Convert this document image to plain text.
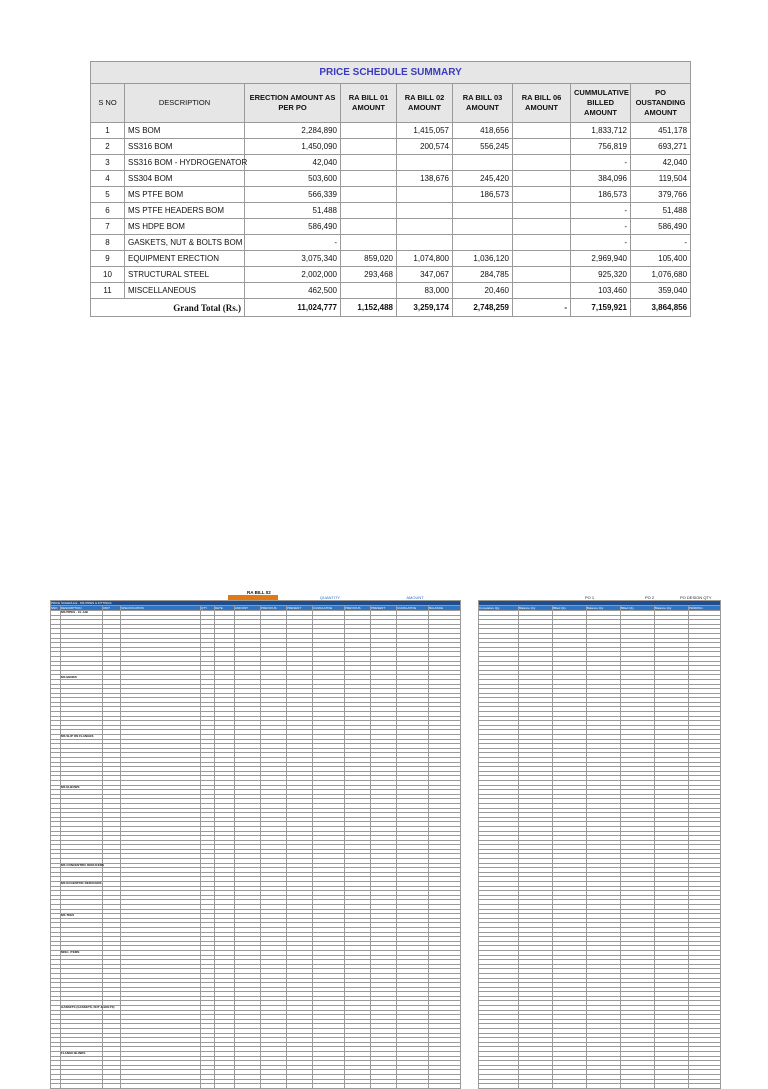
PRICE SCHEDULE SUMMARY								
S NO	DESCRIPTION	ERECTION AMOUNT AS PER PO	RA BILL 01 AMOUNT	RA BILL 02 AMOUNT	RA BILL 03 AMOUNT	RA BILL 06 AMOUNT	CUMMULATIVE BILLED AMOUNT	PO OUSTANDING AMOUNT
1	MS BOM	2,284,890		1,415,057	418,656		1,833,712	451,178
2	SS316 BOM	1,450,090		200,574	556,245		756,819	693,271
3	SS316 BOM - HYDROGENATOR	42,040					-	42,040
4	SS304 BOM	503,600		138,676	245,420		384,096	119,504
5	MS PTFE BOM	566,339			186,573		186,573	379,766
6	MS PTFE HEADERS BOM	51,488					-	51,488
7	MS HDPE BOM	586,490					-	586,490
8	GASKETS, NUT & BOLTS BOM	-					-	-
9	EQUIPMENT ERECTION	3,075,340	859,020	1,074,800	1,036,120		2,969,940	105,400
10	STRUCTURAL STEEL	2,002,000	293,468	347,067	284,785		925,320	1,076,680
11	MISCELLANEOUS	462,500		83,000	20,460		103,460	359,040
Grand Total (Rs.)		11,024,777	1,152,488	3,259,174	2,748,259	-	7,159,921	3,864,856
RA BILL 02
QUANTITY	AMOUNT	PO 1	PO 2	PO DESIGN QTY
PRICE SCHEDULE - MS PIPES & FITTINGS													
SNO	DESCRIPTION	UNIT	SPECIFICATION	QTY	RATE	AMOUNT	PREVIOUS	PRESENT	CUMULATIVE	PREVIOUS	PRESENT	CUMULATIVE	BALANCE
	MS PIPES - CL.A/B												

	MS BENDS												

	MS SLIP ON FLANGES												

	MS ELBOWS												

	MS CONCENTRIC REDUCERS												

	MS ECCENTRIC REDUCERS												

	MS TEES												

	MISC. ITEMS												

	GASKETS (GASKETS, NUT & BOLTS)												

	FLANGE BLINDS												

Cumulative Qty	Balance Qty	Billed Qty	Balance Qty	Billed Qty	Balance Qty	PENDING
